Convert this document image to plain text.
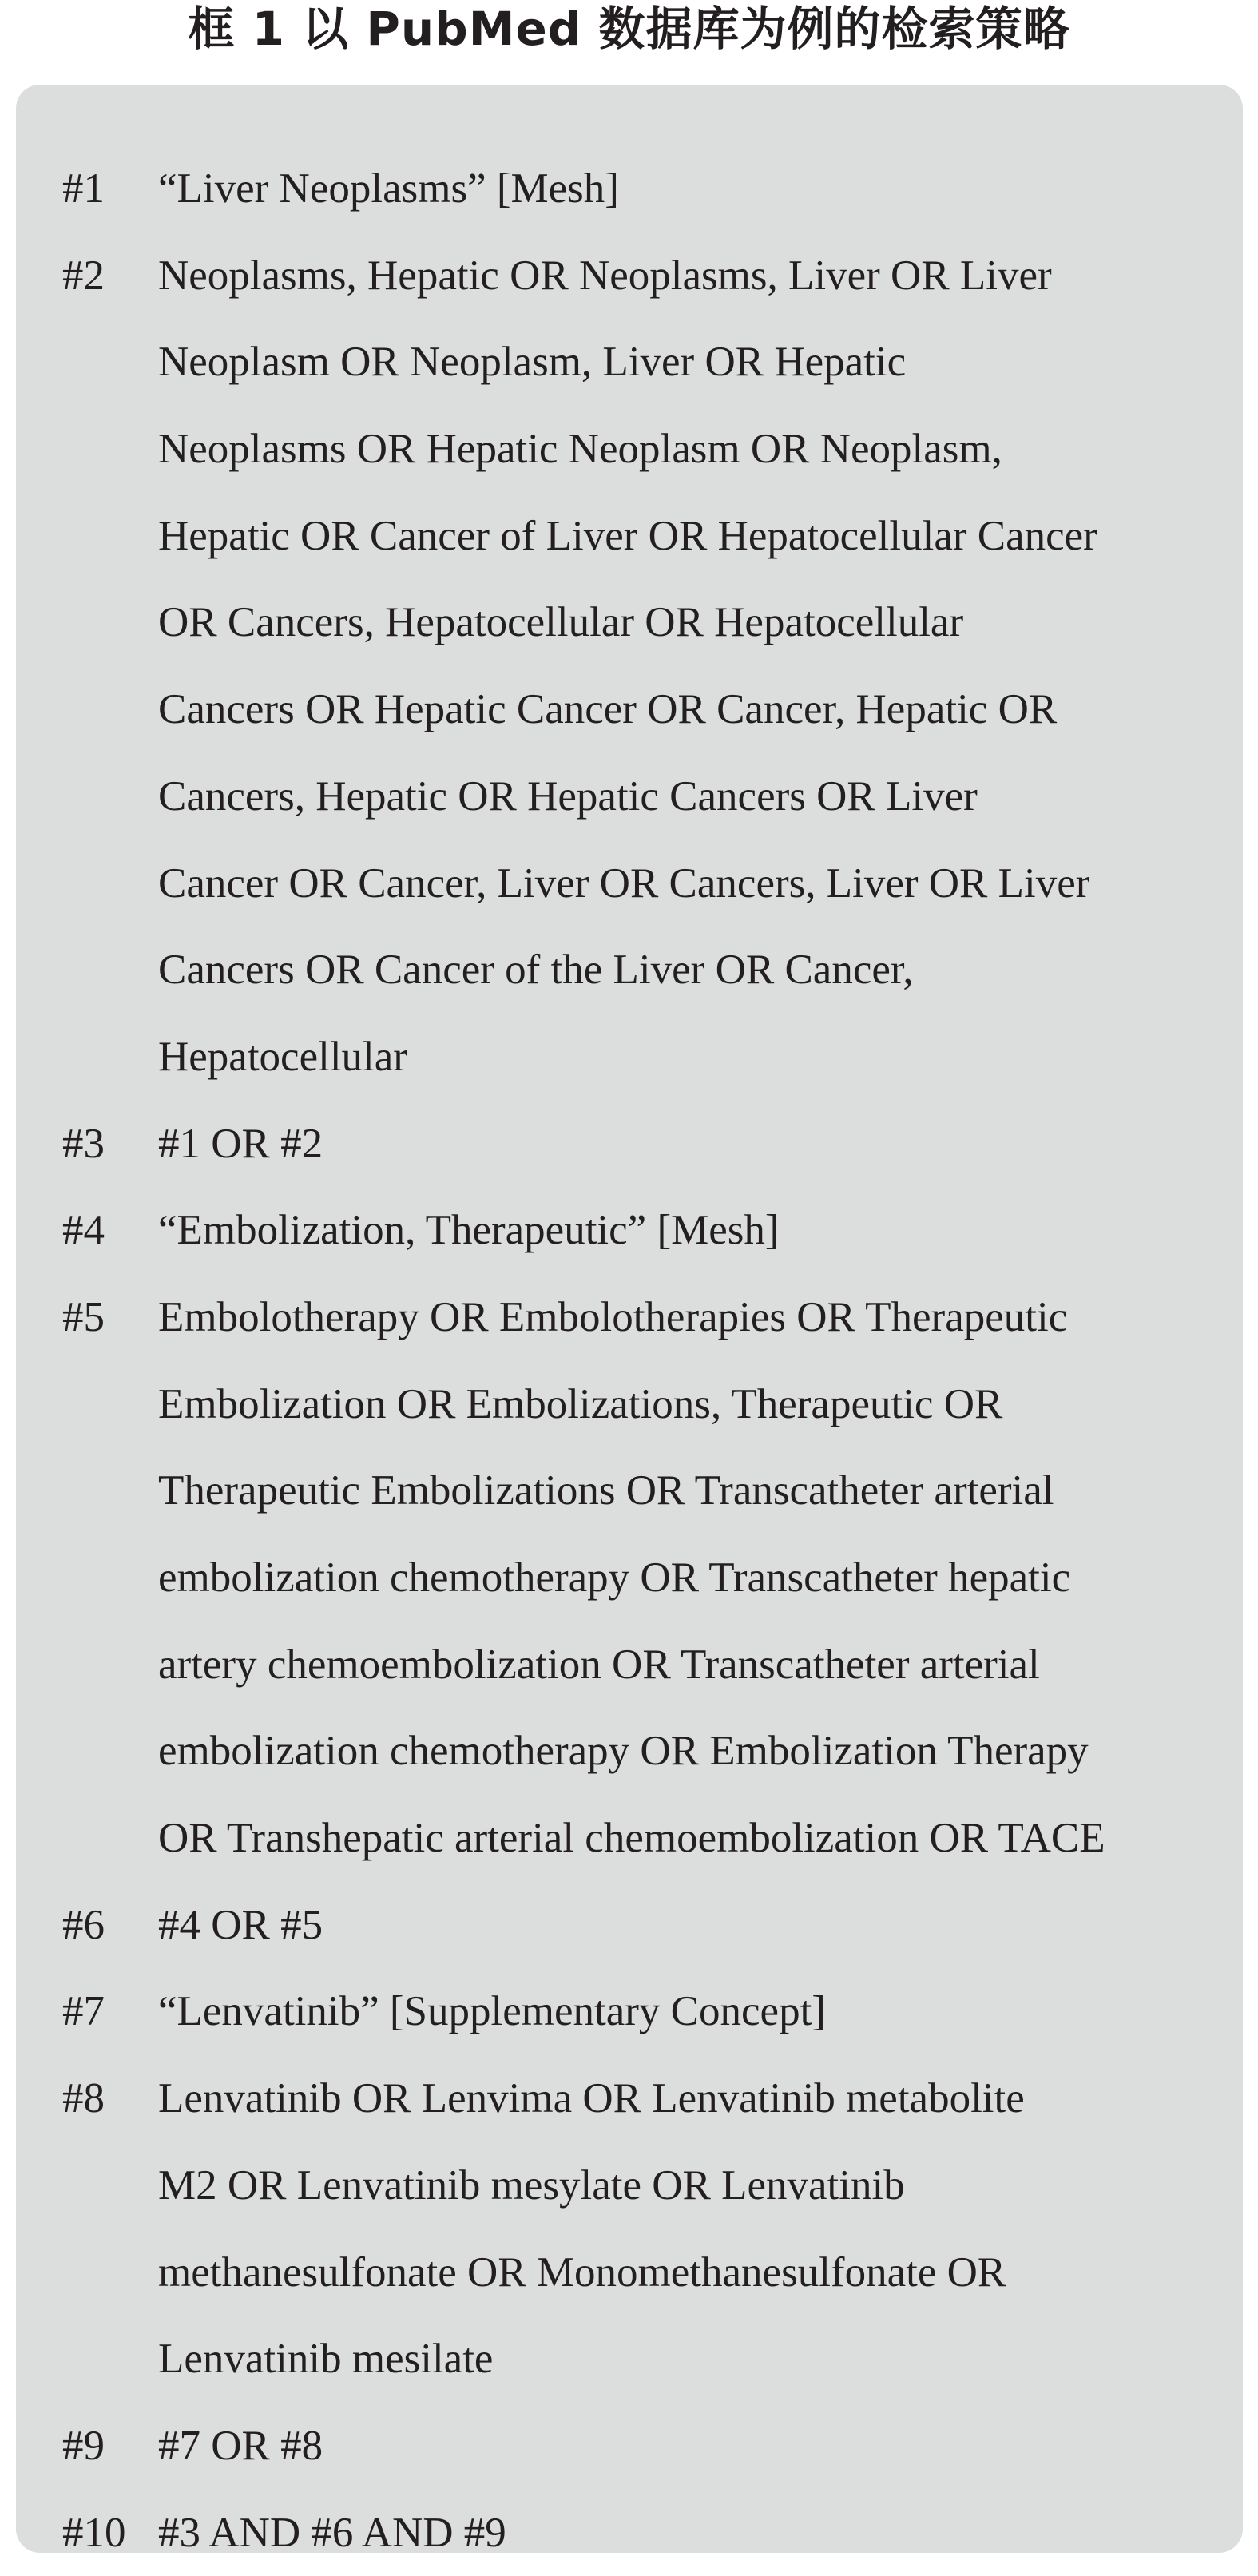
框 1 以 PubMed 数据库为例的检索策略
#1 “Liver Neoplasms” [Mesh]
#2 Neoplasms, Hepatic OR Neoplasms, Liver OR Liver
Neoplasm OR Neoplasm, Liver OR Hepatic
Neoplasms OR Hepatic Neoplasm OR Neoplasm,
Hepatic OR Cancer of Liver OR Hepatocellular Cancer
OR Cancers, Hepatocellular OR Hepatocellular
Cancers OR Hepatic Cancer OR Cancer, Hepatic OR
Cancers, Hepatic OR Hepatic Cancers OR Liver
Cancer OR Cancer, Liver OR Cancers, Liver OR Liver
Cancers OR Cancer of the Liver OR Cancer,
Hepatocellular
#3 #1 OR #2
#4 “Embolization, Therapeutic” [Mesh]
#5 Embolotherapy OR Embolotherapies OR Therapeutic
Embolization OR Embolizations, Therapeutic OR
Therapeutic Embolizations OR Transcatheter arterial
embolization chemotherapy OR Transcatheter hepatic
artery chemoembolization OR Transcatheter arterial
embolization chemotherapy OR Embolization Therapy
OR Transhepatic arterial chemoembolization OR TACE
#6 #4 OR #5
#7 “Lenvatinib” [Supplementary Concept]
#8 Lenvatinib OR Lenvima OR Lenvatinib metabolite
M2 OR Lenvatinib mesylate OR Lenvatinib
methanesulfonate OR Monomethanesulfonate OR
Lenvatinib mesilate
#9 #7 OR #8
#10 #3 AND #6 AND #9
